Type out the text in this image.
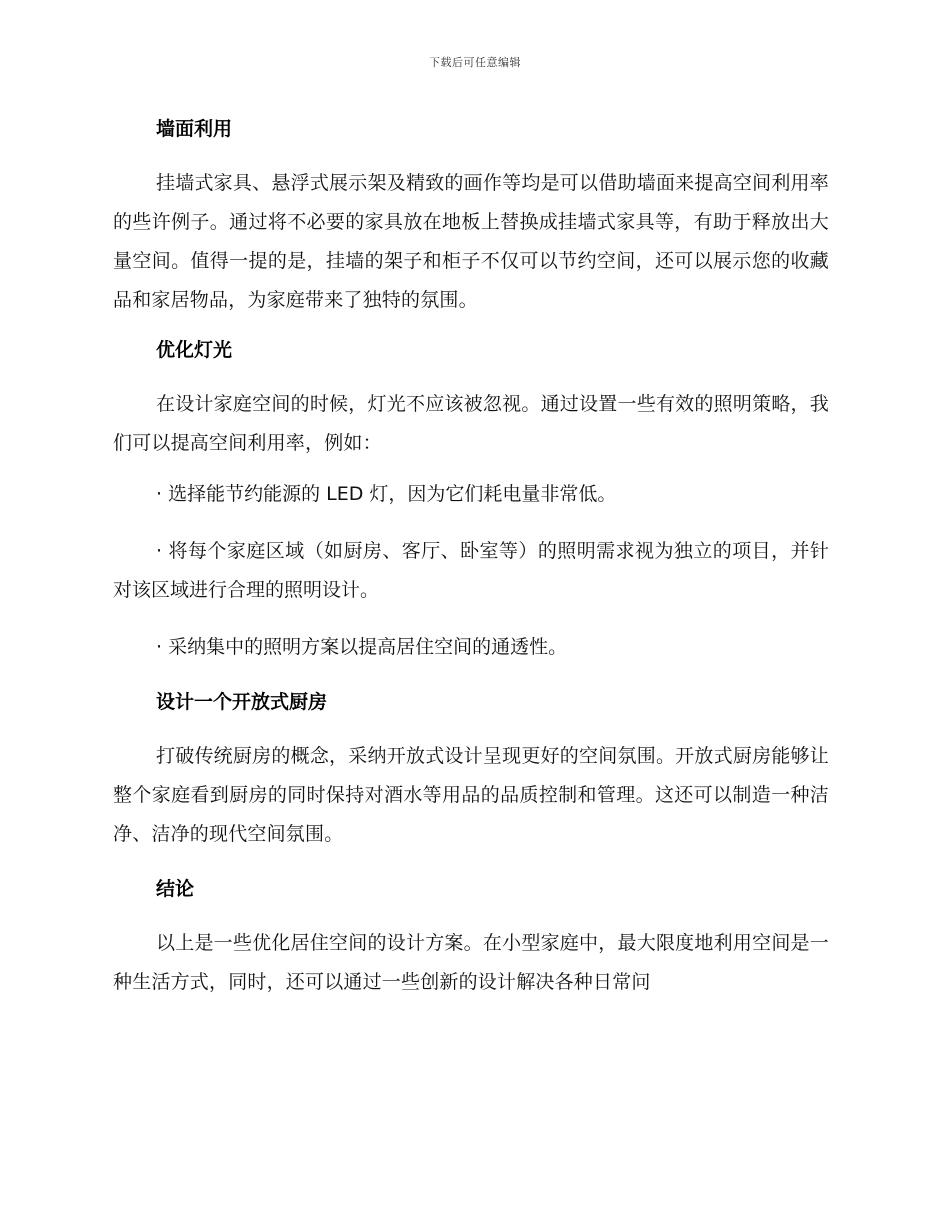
下载后可任意编辑
墙面利用

挂墙式家具、悬浮式展示架及精致的画作等均是可以借助墙面来提高空间利用率的些许例子。通过将不必要的家具放在地板上替换成挂墙式家具等，有助于释放出大量空间。值得一提的是，挂墙的架子和柜子不仅可以节约空间，还可以展示您的收藏品和家居物品，为家庭带来了独特的氛围。

优化灯光

在设计家庭空间的时候，灯光不应该被忽视。通过设置一些有效的照明策略，我们可以提高空间利用率，例如：

· 选择能节约能源的 LED 灯，因为它们耗电量非常低。

· 将每个家庭区域（如厨房、客厅、卧室等）的照明需求视为独立的项目，并针对该区域进行合理的照明设计。

· 采纳集中的照明方案以提高居住空间的通透性。

设计一个开放式厨房

打破传统厨房的概念，采纳开放式设计呈现更好的空间氛围。开放式厨房能够让整个家庭看到厨房的同时保持对酒水等用品的品质控制和管理。这还可以制造一种洁净、洁净的现代空间氛围。

结论

以上是一些优化居住空间的设计方案。在小型家庭中，最大限度地利用空间是一种生活方式，同时，还可以通过一些创新的设计解决各种日常问
